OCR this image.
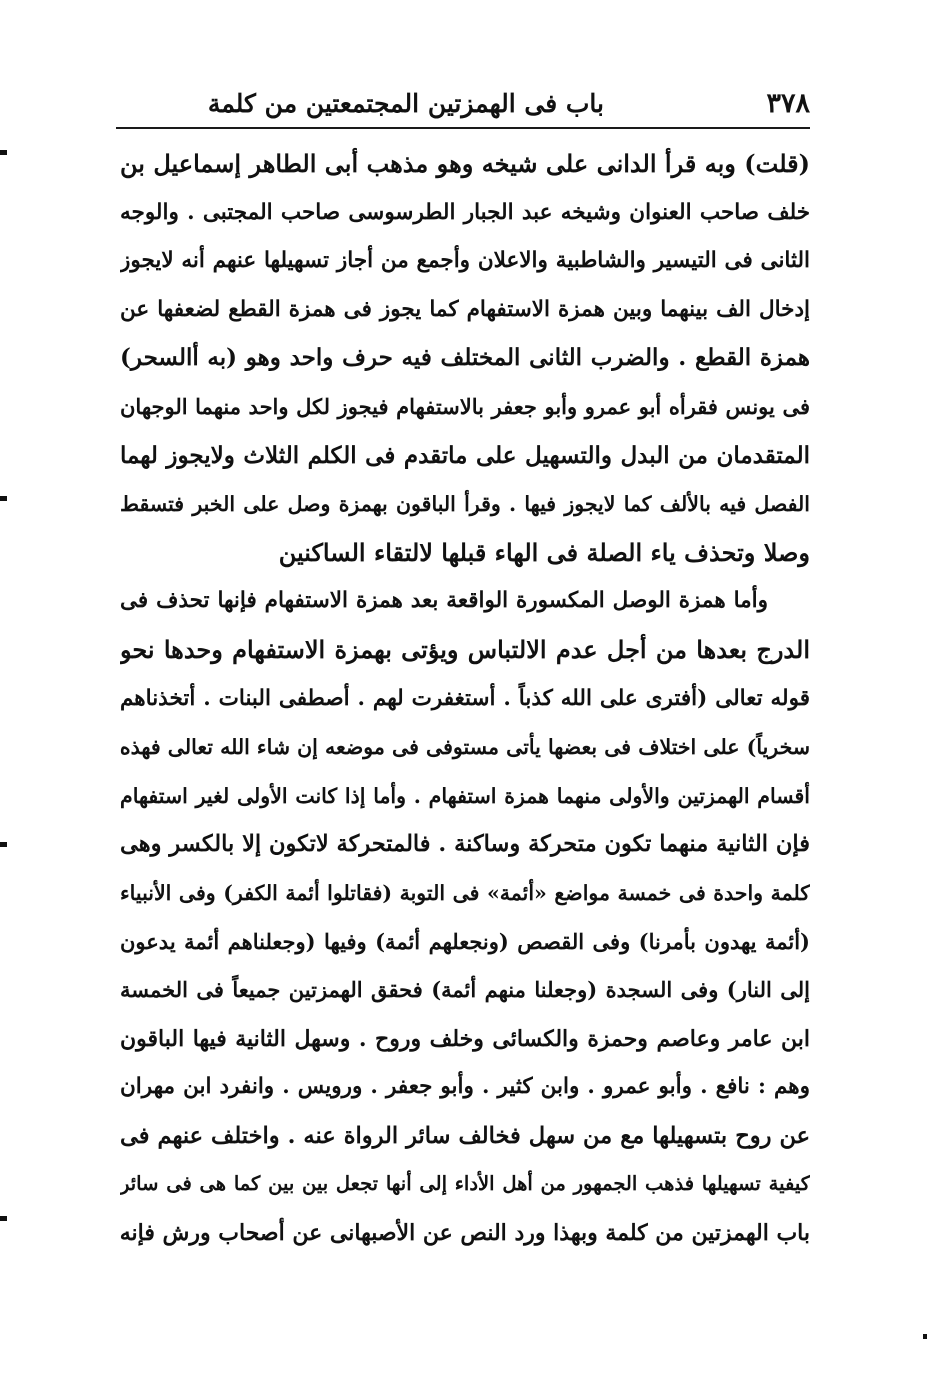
٣٧٨
باب فى الهمزتين المجتمعتين من كلمة
(قلت) وبه قرأ الدانى على شيخه وهو مذهب أبى الطاهر إسماعيل بن
خلف صاحب العنوان وشيخه عبد الجبار الطرسوسى صاحب المجتبى . والوجه
الثانى فى التيسير والشاطبية والاعلان وأجمع من أجاز تسهيلها عنهم أنه لايجوز
إدخال الف بينهما وبين همزة الاستفهام كما يجوز فى همزة القطع لضعفها عن
همزة القطع . والضرب الثانى المختلف فيه حرف واحد وهو (به أالسحر)
فى يونس فقرأه أبو عمرو وأبو جعفر بالاستفهام فيجوز لكل واحد منهما الوجهان
المتقدمان من البدل والتسهيل على ماتقدم فى الكلم الثلاث ولايجوز لهما
الفصل فيه بالألف كما لايجوز فيها . وقرأ الباقون بهمزة وصل على الخبر فتسقط
وصلا وتحذف ياء الصلة فى الهاء قبلها لالتقاء الساكنين
وأما همزة الوصل المكسورة الواقعة بعد همزة الاستفهام فإنها تحذف فى
الدرج بعدها من أجل عدم الالتباس ويؤتى بهمزة الاستفهام وحدها نحو
قوله تعالى (أفترى على الله كذباً . أستغفرت لهم . أصطفى البنات . أتخذناهم
سخرياً) على اختلاف فى بعضها يأتى مستوفى فى موضعه إن شاء الله تعالى فهذه
أقسام الهمزتين والأولى منهما همزة استفهام . وأما إذا كانت الأولى لغير استفهام
فإن الثانية منهما تكون متحركة وساكنة . فالمتحركة لاتكون إلا بالكسر وهى
كلمة واحدة فى خمسة مواضع «أئمة» فى التوبة (فقاتلوا أئمة الكفر) وفى الأنبياء
(أئمة يهدون بأمرنا) وفى القصص (ونجعلهم أئمة) وفيها (وجعلناهم أئمة يدعون
إلى النار) وفى السجدة (وجعلنا منهم أئمة) فحقق الهمزتين جميعاً فى الخمسة
ابن عامر وعاصم وحمزة والكسائى وخلف وروح . وسهل الثانية فيها الباقون
وهم : نافع . وأبو عمرو . وابن كثير . وأبو جعفر . ورويس . وانفرد ابن مهران
عن روح بتسهيلها مع من سهل فخالف سائر الرواة عنه . واختلف عنهم فى
كيفية تسهيلها فذهب الجمهور من أهل الأداء إلى أنها تجعل بين بين كما هى فى سائر
باب الهمزتين من كلمة وبهذا ورد النص عن الأصبهانى عن أصحاب ورش فإنه
